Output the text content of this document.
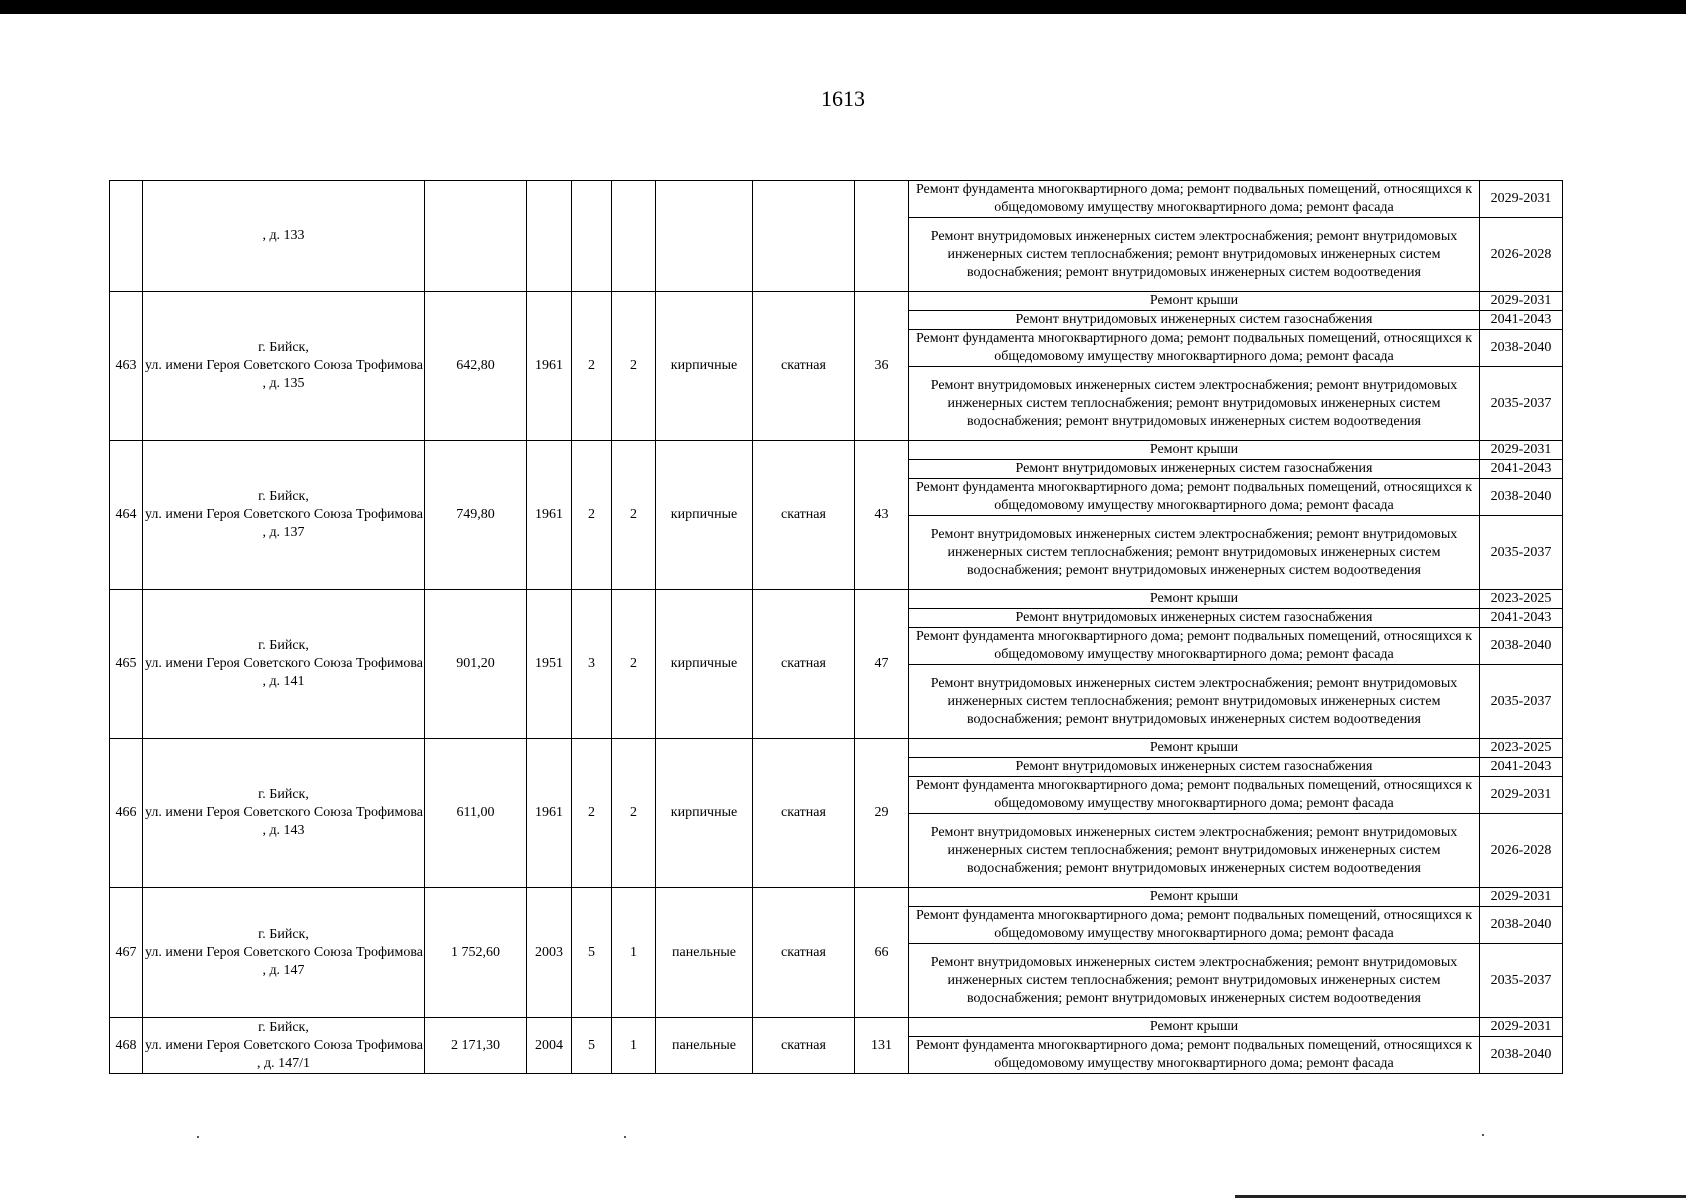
1613

	, д. 133								Ремонт фундамента многоквартирного дома; ремонт подвальных помещений, относящихся к общедомовому имуществу многоквартирного дома; ремонт фасада	2029-2031
									Ремонт внутридомовых инженерных систем электроснабжения; ремонт внутридомовых инженерных систем теплоснабжения; ремонт внутридомовых инженерных систем водоснабжения; ремонт внутридомовых инженерных систем водоотведения	2026-2028
463	г. Бийск,
ул. имени Героя Советского Союза Трофимова
, д. 135	642,80	1961	2	2	кирпичные	скатная	36	Ремонт крыши	2029-2031
									Ремонт внутридомовых инженерных систем газоснабжения	2041-2043
									Ремонт фундамента многоквартирного дома; ремонт подвальных помещений, относящихся к общедомовому имуществу многоквартирного дома; ремонт фасада	2038-2040
									Ремонт внутридомовых инженерных систем электроснабжения; ремонт внутридомовых инженерных систем теплоснабжения; ремонт внутридомовых инженерных систем водоснабжения; ремонт внутридомовых инженерных систем водоотведения	2035-2037
464	г. Бийск,
ул. имени Героя Советского Союза Трофимова
, д. 137	749,80	1961	2	2	кирпичные	скатная	43	Ремонт крыши	2029-2031
									Ремонт внутридомовых инженерных систем газоснабжения	2041-2043
									Ремонт фундамента многоквартирного дома; ремонт подвальных помещений, относящихся к общедомовому имуществу многоквартирного дома; ремонт фасада	2038-2040
									Ремонт внутридомовых инженерных систем электроснабжения; ремонт внутридомовых инженерных систем теплоснабжения; ремонт внутридомовых инженерных систем водоснабжения; ремонт внутридомовых инженерных систем водоотведения	2035-2037
465	г. Бийск,
ул. имени Героя Советского Союза Трофимова
, д. 141	901,20	1951	3	2	кирпичные	скатная	47	Ремонт крыши	2023-2025
									Ремонт внутридомовых инженерных систем газоснабжения	2041-2043
									Ремонт фундамента многоквартирного дома; ремонт подвальных помещений, относящихся к общедомовому имуществу многоквартирного дома; ремонт фасада	2038-2040
									Ремонт внутридомовых инженерных систем электроснабжения; ремонт внутридомовых инженерных систем теплоснабжения; ремонт внутридомовых инженерных систем водоснабжения; ремонт внутридомовых инженерных систем водоотведения	2035-2037
466	г. Бийск,
ул. имени Героя Советского Союза Трофимова
, д. 143	611,00	1961	2	2	кирпичные	скатная	29	Ремонт крыши	2023-2025
									Ремонт внутридомовых инженерных систем газоснабжения	2041-2043
									Ремонт фундамента многоквартирного дома; ремонт подвальных помещений, относящихся к общедомовому имуществу многоквартирного дома; ремонт фасада	2029-2031
									Ремонт внутридомовых инженерных систем электроснабжения; ремонт внутридомовых инженерных систем теплоснабжения; ремонт внутридомовых инженерных систем водоснабжения; ремонт внутридомовых инженерных систем водоотведения	2026-2028
467	г. Бийск,
ул. имени Героя Советского Союза Трофимова
, д. 147	1 752,60	2003	5	1	панельные	скатная	66	Ремонт крыши	2029-2031
									Ремонт фундамента многоквартирного дома; ремонт подвальных помещений, относящихся к общедомовому имуществу многоквартирного дома; ремонт фасада	2038-2040
									Ремонт внутридомовых инженерных систем электроснабжения; ремонт внутридомовых инженерных систем теплоснабжения; ремонт внутридомовых инженерных систем водоснабжения; ремонт внутридомовых инженерных систем водоотведения	2035-2037
468	г. Бийск,
ул. имени Героя Советского Союза Трофимова
, д. 147/1	2 171,30	2004	5	1	панельные	скатная	131	Ремонт крыши	2029-2031
									Ремонт фундамента многоквартирного дома; ремонт подвальных помещений, относящихся к общедомовому имуществу многоквартирного дома; ремонт фасада	2038-2040
